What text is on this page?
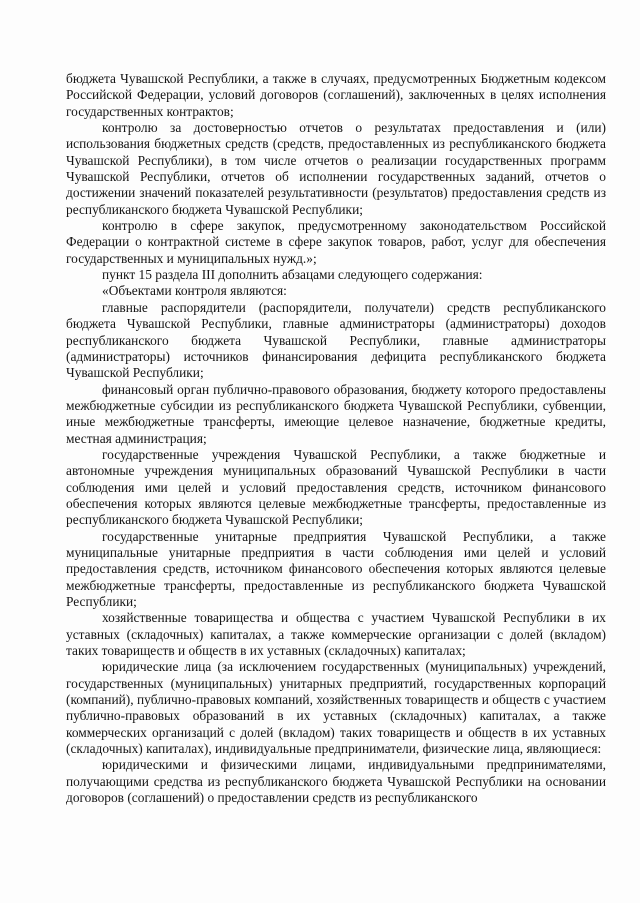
бюджета Чувашской Республики, а также в случаях, предусмотренных Бюджетным кодексом Российской Федерации, условий договоров (соглашений), заключенных в целях исполнения государственных контрактов;

контролю за достоверностью отчетов о результатах предоставления и (или) использования бюджетных средств (средств, предоставленных из республиканского бюджета Чувашской Республики), в том числе отчетов о реализации государственных программ Чувашской Республики, отчетов об исполнении государственных заданий, отчетов о достижении значений показателей результативности (результатов) предоставления средств из республиканского бюджета Чувашской Республики;

контролю в сфере закупок, предусмотренному законодательством Российской Федерации о контрактной системе в сфере закупок товаров, работ, услуг для обеспечения государственных и муниципальных нужд.»;

пункт 15 раздела III дополнить абзацами следующего содержания:

«Объектами контроля являются:

главные распорядители (распорядители, получатели) средств республиканского бюджета Чувашской Республики, главные администраторы (администраторы) доходов республиканского бюджета Чувашской Республики, главные администраторы (администраторы) источников финансирования дефицита республиканского бюджета Чувашской Республики;

финансовый орган публично-правового образования, бюджету которого предоставлены межбюджетные субсидии из республиканского бюджета Чувашской Республики, субвенции, иные межбюджетные трансферты, имеющие целевое назначение, бюджетные кредиты, местная администрация;

государственные учреждения Чувашской Республики, а также бюджетные и автономные учреждения муниципальных образований Чувашской Республики в части соблюдения ими целей и условий предоставления средств, источником финансового обеспечения которых являются целевые межбюджетные трансферты, предоставленные из республиканского бюджета Чувашской Республики;

государственные унитарные предприятия Чувашской Республики, а также муниципальные унитарные предприятия в части соблюдения ими целей и условий предоставления средств, источником финансового обеспечения которых являются целевые межбюджетные трансферты, предоставленные из республиканского бюджета Чувашской Республики;

хозяйственные товарищества и общества с участием Чувашской Республики в их уставных (складочных) капиталах, а также коммерческие организации с долей (вкладом) таких товариществ и обществ в их уставных (складочных) капиталах;

юридические лица (за исключением государственных (муниципальных) учреждений, государственных (муниципальных) унитарных предприятий, государственных корпораций (компаний), публично-правовых компаний, хозяйственных товариществ и обществ с участием публично-правовых образований в их уставных (складочных) капиталах, а также коммерческих организаций с долей (вкладом) таких товариществ и обществ в их уставных (складочных) капиталах), индивидуальные предприниматели, физические лица, являющиеся:

юридическими и физическими лицами, индивидуальными предпринимателями, получающими средства из республиканского бюджета Чувашской Республики на основании договоров (соглашений) о предоставлении средств из республиканского
